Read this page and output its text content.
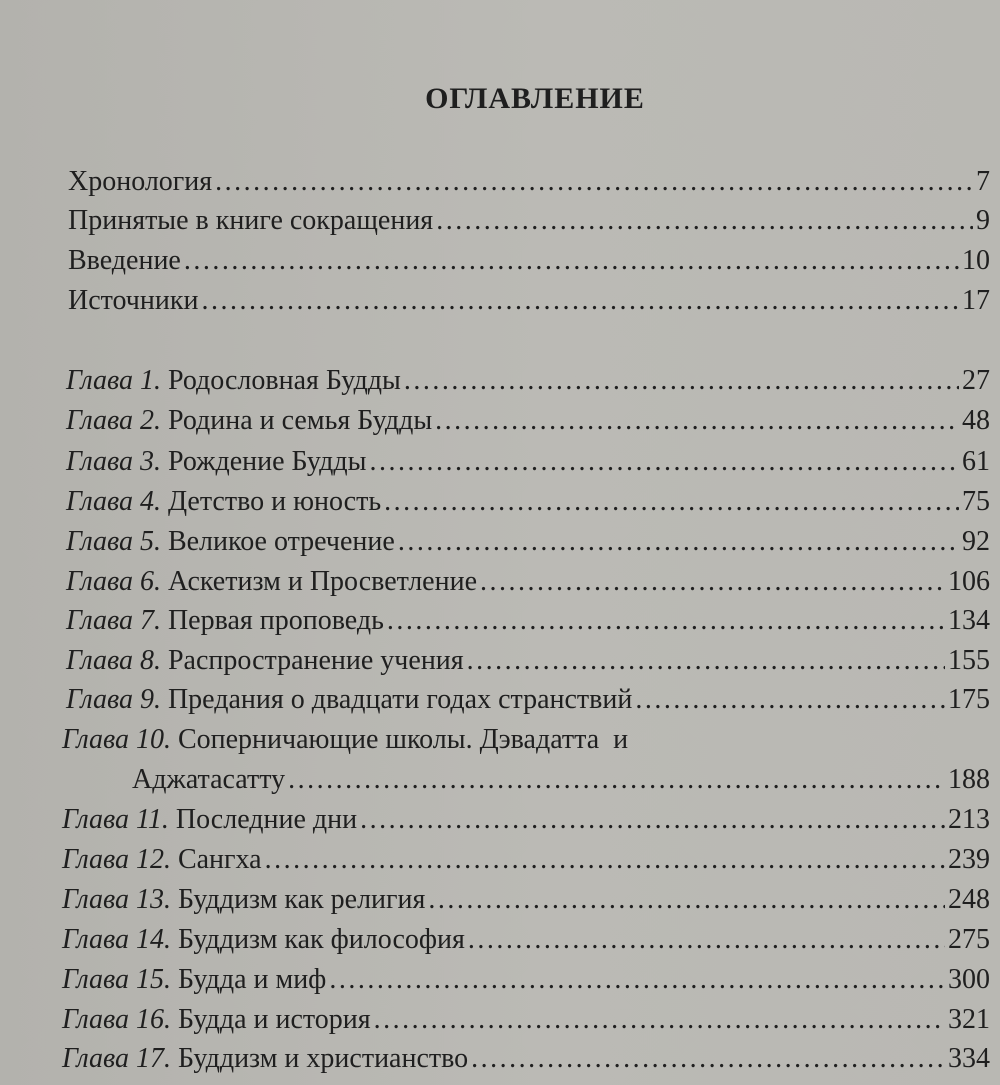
ОГЛАВЛЕНИЕ
Хронология .....	7
Принятые в книге сокращения .....	9
Введение .....	10
Источники .....	17
Глава 1. Родословная Будды .....	27
Глава 2. Родина и семья Будды .....	48
Глава 3. Рождение Будды .....	61
Глава 4. Детство и юность .....	75
Глава 5. Великое отречение .....	92
Глава 6. Аскетизм и Просветление .....	106
Глава 7. Первая проповедь .....	134
Глава 8. Распространение учения .....	155
Глава 9. Предания о двадцати годах странствий .....	175
Глава 10. Соперничающие школы. Дэвадатта  и
Аджатасатту .....	188
Глава 11. Последние дни .....	213
Глава 12. Сангха .....	239
Глава 13. Буддизм как религия .....	248
Глава 14. Буддизм как философия .....	275
Глава 15. Будда и миф .....	300
Глава 16. Будда и история .....	321
Глава 17. Буддизм и христианство .....	334
